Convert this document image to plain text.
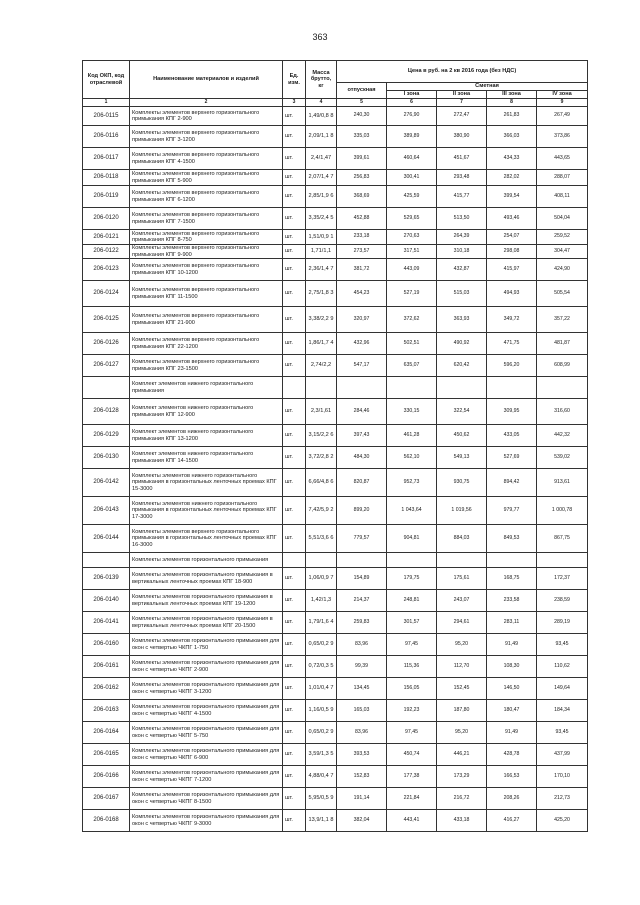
363
Код ОКП, код отраслевой	Наименование материалов и изделий	Ед. изм.	Масса брутто, кг	Цена в руб. на 2 кв 2016 года (без НДС)				
				отпускная	Сметная			
					I зона	II зона	III зона	IV зона
1	2	3	4	5	6	7	8	9
206-0115	Комплекты элементов верхнего горизонтального примыкания КПГ 2-900	шт.	1,49/0,8 8	240,30	276,90	272,47	261,83	267,49
206-0116	Комплекты элементов верхнего горизонтального примыкания КПГ 3-1200	шт.	2,09/1,1 8	335,03	389,89	380,90	366,03	373,86
206-0117	Комплекты элементов верхнего горизонтального примыкания КПГ 4-1500	шт.	2,4/1,47	399,61	460,64	451,67	434,33	443,65
206-0118	Комплекты элементов верхнего горизонтального примыкания КПГ 5-900	шт.	2,07/1,4 7	256,83	300,41	293,48	282,02	288,07
206-0119	Комплекты элементов верхнего горизонтального примыкания КПГ 6-1200	шт.	2,85/1,9 6	368,69	425,59	415,77	399,54	408,11
206-0120	Комплекты элементов верхнего горизонтального примыкания КПГ 7-1500	шт.	3,35/2,4 5	452,88	529,65	513,50	493,46	504,04
206-0121	Комплекты элементов верхнего горизонтального примыкания КПГ 8-750	шт.	1,51/0,9 1	233,18	270,63	264,39	254,07	259,52
206-0122	Комплекты элементов верхнего горизонтального примыкания КПГ 9-900	шт.	1,71/1,1	273,57	317,51	310,18	298,08	304,47
206-0123	Комплекты элементов верхнего горизонтального примыкания КПГ 10-1200	шт.	2,36/1,4 7	381,72	443,09	432,87	415,97	424,90
206-0124	Комплекты элементов верхнего горизонтального примыкания КПГ 11-1500	шт.	2,75/1,8 3	454,23	527,19	515,03	494,93	505,54
206-0125	Комплекты элементов верхнего горизонтального примыкания КПГ 21-900	шт.	3,38/2,2 9	320,97	372,62	363,93	349,72	357,22
206-0126	Комплекты элементов верхнего горизонтального примыкания КПГ 22-1200	шт.	1,86/1,7 4	432,96	502,51	490,92	471,75	481,87
206-0127	Комплекты элементов верхнего горизонтального примыкания КПГ 23-1500	шт.	2,74/2,2	547,17	635,07	620,42	596,20	608,99
	Комплект элементов нижнего горизонтального примыкания							
206-0128	Комплект элементов нижнего горизонтального примыкания КПГ 12-900	шт.	2,3/1,61	284,46	330,15	322,54	309,95	316,60
206-0129	Комплект элементов нижнего горизонтального примыкания КПГ 13-1200	шт.	3,15/2,2 6	397,43	461,28	450,62	433,05	442,32
206-0130	Комплект элементов нижнего горизонтального примыкания КПГ 14-1500	шт.	3,72/2,8 2	484,30	562,10	549,13	527,69	539,02
206-0142	Комплекты элементов нижнего горизонтального примыкания в горизонтальных ленточных проемах КПГ 15-3000	шт.	6,66/4,8 6	820,87	952,73	930,75	894,42	913,61
206-0143	Комплекты элементов нижнего горизонтального примыкания в горизонтальных ленточных проемах КПГ 17-3000	шт.	7,42/5,9 2	899,20	1 043,64	1 019,56	979,77	1 000,78
206-0144	Комплекты элементов верхнего горизонтального примыкания в горизонтальных ленточных проемах КПГ 16-3000	шт.	5,51/3,6 6	779,57	904,81	884,03	849,53	867,75
	Комплекты элементов горизонтального примыкания							
206-0139	Комплекты элементов горизонтального примыкания в вертикальных ленточных проемах КПГ 18-900	шт.	1,06/0,9 7	154,89	179,75	175,61	168,75	172,37
206-0140	Комплекты элементов горизонтального примыкания в вертикальных ленточных проемах КПГ 19-1200	шт.	1,42/1,3	214,37	248,81	243,07	233,58	238,59
206-0141	Комплекты элементов горизонтального примыкания в вертикальных ленточных проемах КПГ 20-1500	шт.	1,79/1,6 4	259,83	301,57	294,61	283,11	289,19
206-0160	Комплекты элементов горизонтального примыкания для окон с четвертью ЧКПГ 1-750	шт.	0,65/0,2 9	83,96	97,45	95,20	91,49	93,45
206-0161	Комплекты элементов горизонтального примыкания для окон с четвертью ЧКПГ 2-900	шт.	0,72/0,3 5	99,39	115,36	112,70	108,30	110,62
206-0162	Комплекты элементов горизонтального примыкания для окон с четвертью ЧКПГ 3-1200	шт.	1,01/0,4 7	134,45	156,05	152,45	146,50	149,64
206-0163	Комплекты элементов горизонтального примыкания для окон с четвертью ЧКПГ 4-1500	шт.	1,16/0,5 9	165,03	192,23	187,80	180,47	184,34
206-0164	Комплекты элементов горизонтального примыкания для окон с четвертью ЧКПГ 5-750	шт.	0,65/0,2 9	83,96	97,45	95,20	91,49	93,45
206-0165	Комплекты элементов горизонтального примыкания для окон с четвертью ЧКПГ 6-900	шт.	3,59/1,3 5	393,53	450,74	446,21	428,78	437,99
206-0166	Комплекты элементов горизонтального примыкания для окон с четвертью ЧКПГ 7-1200	шт.	4,88/0,4 7	152,83	177,38	173,29	166,53	170,10
206-0167	Комплекты элементов горизонтального примыкания для окон с четвертью ЧКПГ 8-1500	шт.	5,95/0,5 9	191,14	221,84	216,72	208,26	212,73
206-0168	Комплекты элементов горизонтального примыкания для окон с четвертью ЧКПГ 9-3000	шт.	13,9/1,1 8	382,04	443,41	433,18	416,27	425,20
